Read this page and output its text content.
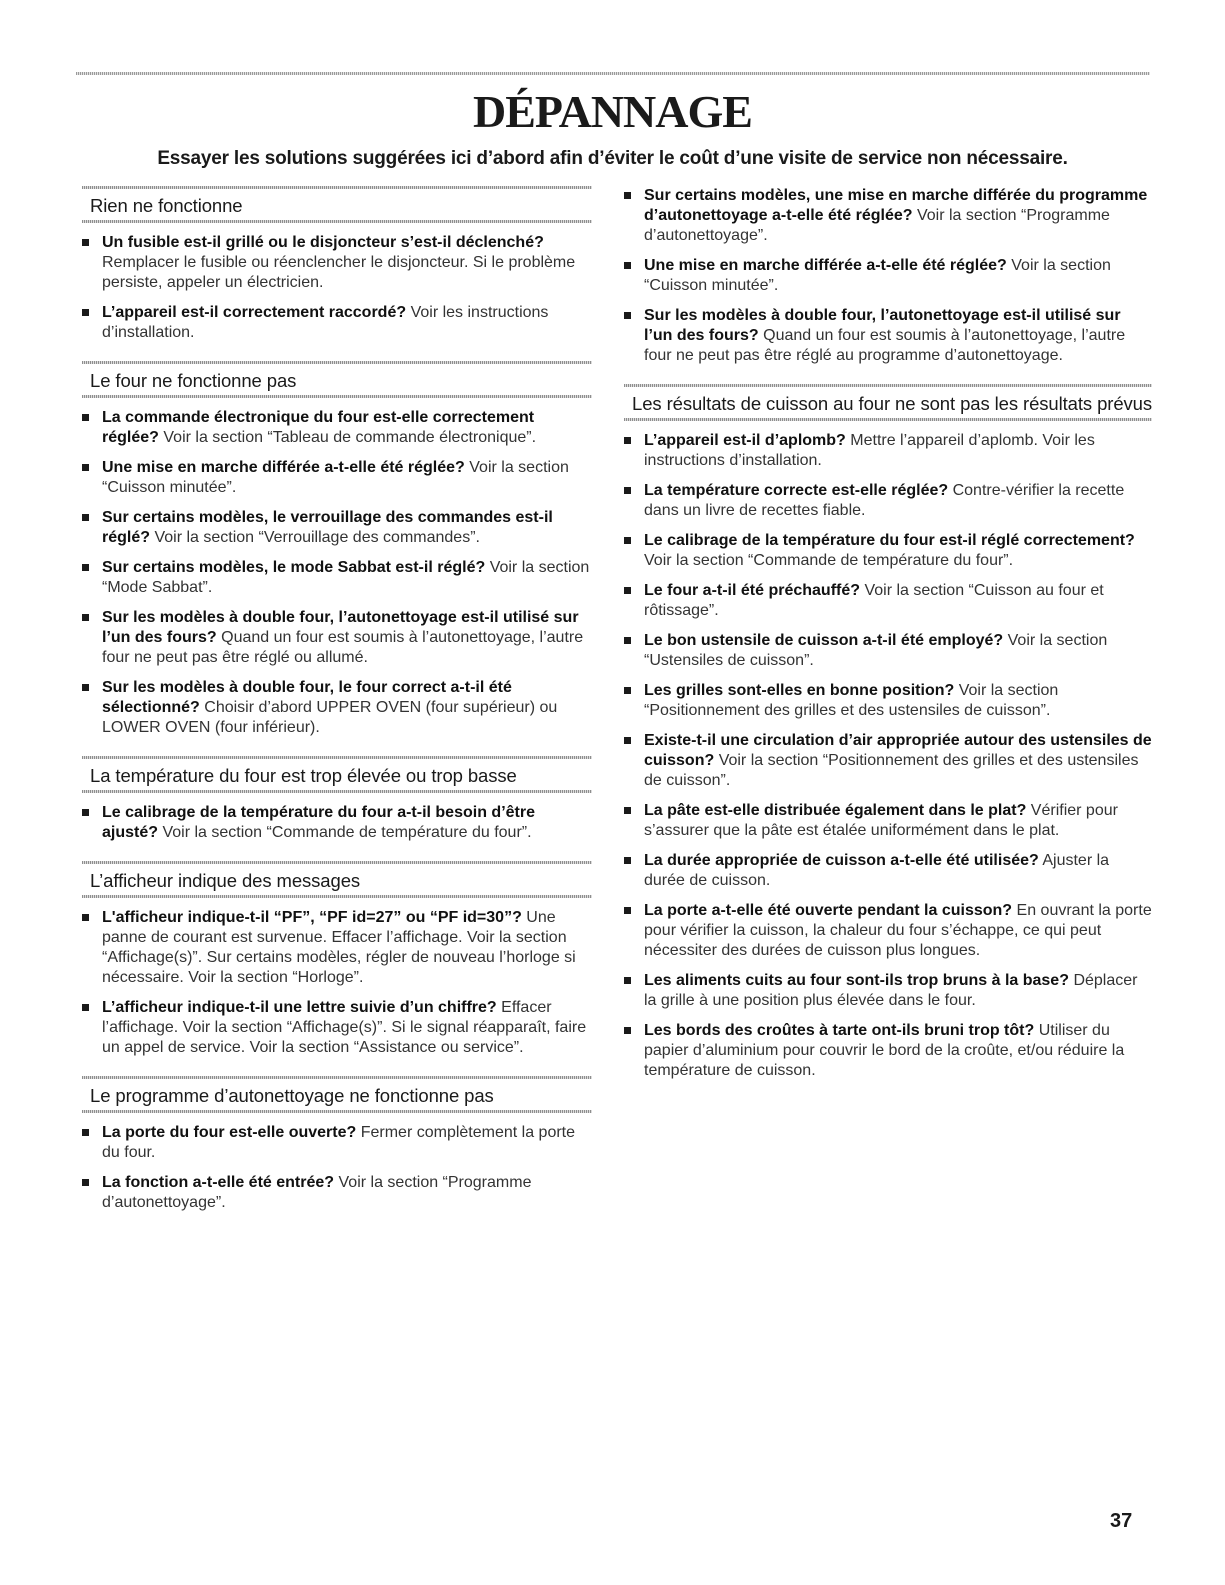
DÉPANNAGE
Essayer les solutions suggérées ici d’abord afin d’éviter le coût d’une visite de service non nécessaire.
Rien ne fonctionne
Un fusible est-il grillé ou le disjoncteur s’est-il déclenché? Remplacer le fusible ou réenclencher le disjoncteur. Si le problème persiste, appeler un électricien.
L’appareil est-il correctement raccordé? Voir les instructions d’installation.
Le four ne fonctionne pas
La commande électronique du four est-elle correctement réglée? Voir la section “Tableau de commande électronique”.
Une mise en marche différée a-t-elle été réglée? Voir la section “Cuisson minutée”.
Sur certains modèles, le verrouillage des commandes est-il réglé? Voir la section “Verrouillage des commandes”.
Sur certains modèles, le mode Sabbat est-il réglé? Voir la section “Mode Sabbat”.
Sur les modèles à double four, l’autonettoyage est-il utilisé sur l’un des fours? Quand un four est soumis à l’autonettoyage, l’autre four ne peut pas être réglé ou allumé.
Sur les modèles à double four, le four correct a-t-il été sélectionné? Choisir d’abord UPPER OVEN (four supérieur) ou LOWER OVEN (four inférieur).
La température du four est trop élevée ou trop basse
Le calibrage de la température du four a-t-il besoin d’être ajusté? Voir la section “Commande de température du four”.
L’afficheur indique des messages
L'afficheur indique-t-il “PF”, “PF id=27” ou “PF id=30”? Une panne de courant est survenue. Effacer l’affichage. Voir la section “Affichage(s)”. Sur certains modèles, régler de nouveau l’horloge si nécessaire. Voir la section “Horloge”.
L’afficheur indique-t-il une lettre suivie d’un chiffre? Effacer l’affichage. Voir la section “Affichage(s)”. Si le signal réapparaît, faire un appel de service. Voir la section “Assistance ou service”.
Le programme d’autonettoyage ne fonctionne pas
La porte du four est-elle ouverte? Fermer complètement la porte du four.
La fonction a-t-elle été entrée? Voir la section “Programme d’autonettoyage”.
Sur certains modèles, une mise en marche différée du programme d’autonettoyage a-t-elle été réglée? Voir la section “Programme d’autonettoyage”.
Une mise en marche différée a-t-elle été réglée? Voir la section “Cuisson minutée”.
Sur les modèles à double four, l’autonettoyage est-il utilisé sur l’un des fours? Quand un four est soumis à l’autonettoyage, l’autre four ne peut pas être réglé au programme d’autonettoyage.
Les résultats de cuisson au four ne sont pas les résultats prévus
L’appareil est-il d’aplomb? Mettre l’appareil d’aplomb. Voir les instructions d’installation.
La température correcte est-elle réglée? Contre-vérifier la recette dans un livre de recettes fiable.
Le calibrage de la température du four est-il réglé correctement? Voir la section “Commande de température du four”.
Le four a-t-il été préchauffé? Voir la section “Cuisson au four et rôtissage”.
Le bon ustensile de cuisson a-t-il été employé? Voir la section “Ustensiles de cuisson”.
Les grilles sont-elles en bonne position? Voir la section “Positionnement des grilles et des ustensiles de cuisson”.
Existe-t-il une circulation d’air appropriée autour des ustensiles de cuisson? Voir la section “Positionnement des grilles et des ustensiles de cuisson”.
La pâte est-elle distribuée également dans le plat? Vérifier pour s’assurer que la pâte est étalée uniformément dans le plat.
La durée appropriée de cuisson a-t-elle été utilisée? Ajuster la durée de cuisson.
La porte a-t-elle été ouverte pendant la cuisson? En ouvrant la porte pour vérifier la cuisson, la chaleur du four s’échappe, ce qui peut nécessiter des durées de cuisson plus longues.
Les aliments cuits au four sont-ils trop bruns à la base? Déplacer la grille à une position plus élevée dans le four.
Les bords des croûtes à tarte ont-ils bruni trop tôt? Utiliser du papier d’aluminium pour couvrir le bord de la croûte, et/ou réduire la température de cuisson.
37
